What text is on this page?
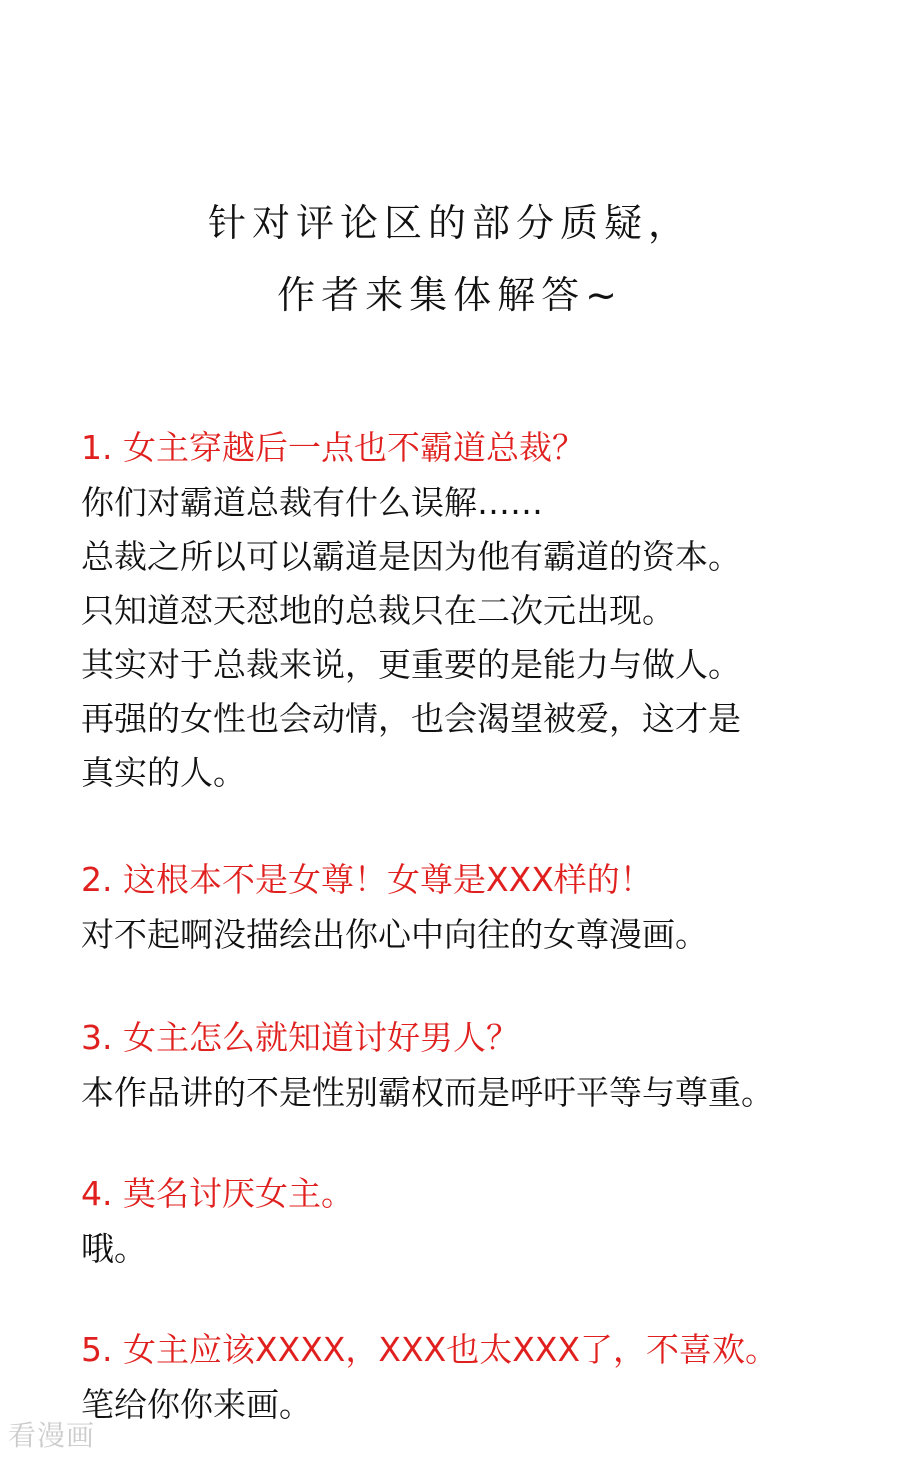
针对评论区的部分质疑，
作者来集体解答~
1. 女主穿越后一点也不霸道总裁？
你们对霸道总裁有什么误解……
总裁之所以可以霸道是因为他有霸道的资本。
只知道怼天怼地的总裁只在二次元出现。
其实对于总裁来说，更重要的是能力与做人。
再强的女性也会动情，也会渴望被爱，这才是
真实的人。
2. 这根本不是女尊！女尊是XXX样的！
对不起啊没描绘出你心中向往的女尊漫画。
3. 女主怎么就知道讨好男人？
本作品讲的不是性别霸权而是呼吁平等与尊重。
4. 莫名讨厌女主。
哦。
5. 女主应该XXXX，XXX也太XXX了，不喜欢。
笔给你你来画。
看漫画
